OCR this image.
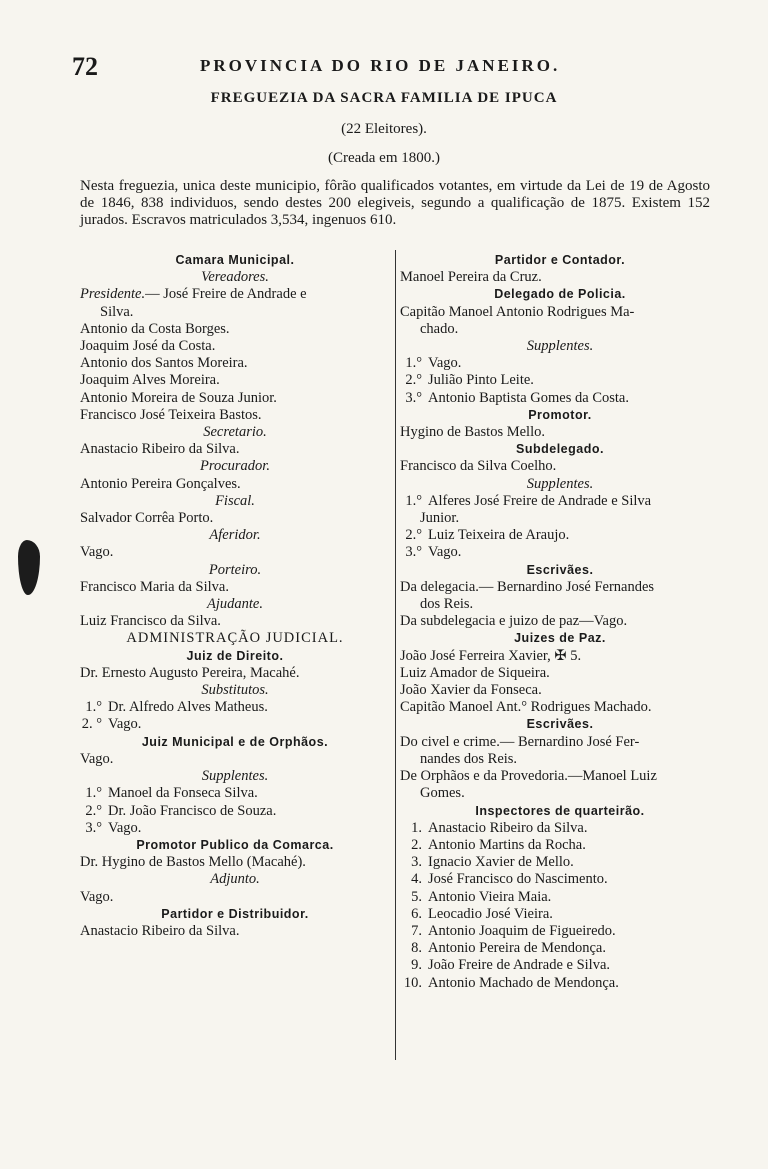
72	PROVINCIA DO RIO DE JANEIRO.
FREGUEZIA DA SACRA FAMILIA DE IPUCA
(22 Eleitores).
(Creada em 1800.)
Nesta freguezia, unica deste municipio, fôrão qualificados votantes, em virtude da Lei de 19 de Agosto de 1846, 838 individuos, sendo destes 200 elegiveis, segundo a qualificação de 1875. Existem 152 jurados. Escravos matriculados 3,534, ingenuos 610.
Camara Municipal.
Vereadores.
Presidente.— José Freire de Andrade e
Silva.
Antonio da Costa Borges.
Joaquim José da Costa.
Antonio dos Santos Moreira.
Joaquim Alves Moreira.
Antonio Moreira de Souza Junior.
Francisco José Teixeira Bastos.
Secretario.
Anastacio Ribeiro da Silva.
Procurador.
Antonio Pereira Gonçalves.
Fiscal.
Salvador Corrêa Porto.
Aferidor.
Vago.
Porteiro.
Francisco Maria da Silva.
Ajudante.
Luiz Francisco da Silva.
ADMINISTRAÇÃO JUDICIAL.
Juiz de Direito.
Dr. Ernesto Augusto Pereira, Macahé.
Substitutos.
1.° Dr. Alfredo Alves Matheus.
2. ° Vago.
Juiz Municipal e de Orphãos.
Vago.
Supplentes.
1.° Manoel da Fonseca Silva.
2.° Dr. João Francisco de Souza.
3.° Vago.
Promotor Publico da Comarca.
Dr. Hygino de Bastos Mello (Macahé).
Adjunto.
Vago.
Partidor e Distribuidor.
Anastacio Ribeiro da Silva.
Partidor e Contador.
Manoel Pereira da Cruz.
Delegado de Policia.
Capitão Manoel Antonio Rodrigues Ma-
chado.
Supplentes.
1.° Vago.
2.° Julião Pinto Leite.
3.° Antonio Baptista Gomes da Costa.
Promotor.
Hygino de Bastos Mello.
Subdelegado.
Francisco da Silva Coelho.
Supplentes.
1.° Alferes José Freire de Andrade e Silva
Junior.
2.° Luiz Teixeira de Araujo.
3.° Vago.
Escrivães.
Da delegacia.— Bernardino José Fernandes
dos Reis.
Da subdelegacia e juizo de paz—Vago.
Juizes de Paz.
João José Ferreira Xavier, ✠ 5.
Luiz Amador de Siqueira.
João Xavier da Fonseca.
Capitão Manoel Ant.° Rodrigues Machado.
Escrivães.
Do civel e crime.— Bernardino José Fer-
nandes dos Reis.
De Orphãos e da Provedoria.—Manoel Luiz
Gomes.
Inspectores de quarteirão.
1. Anastacio Ribeiro da Silva.
2. Antonio Martins da Rocha.
3. Ignacio Xavier de Mello.
4. José Francisco do Nascimento.
5. Antonio Vieira Maia.
6. Leocadio José Vieira.
7. Antonio Joaquim de Figueiredo.
8. Antonio Pereira de Mendonça.
9. João Freire de Andrade e Silva.
10. Antonio Machado de Mendonça.
